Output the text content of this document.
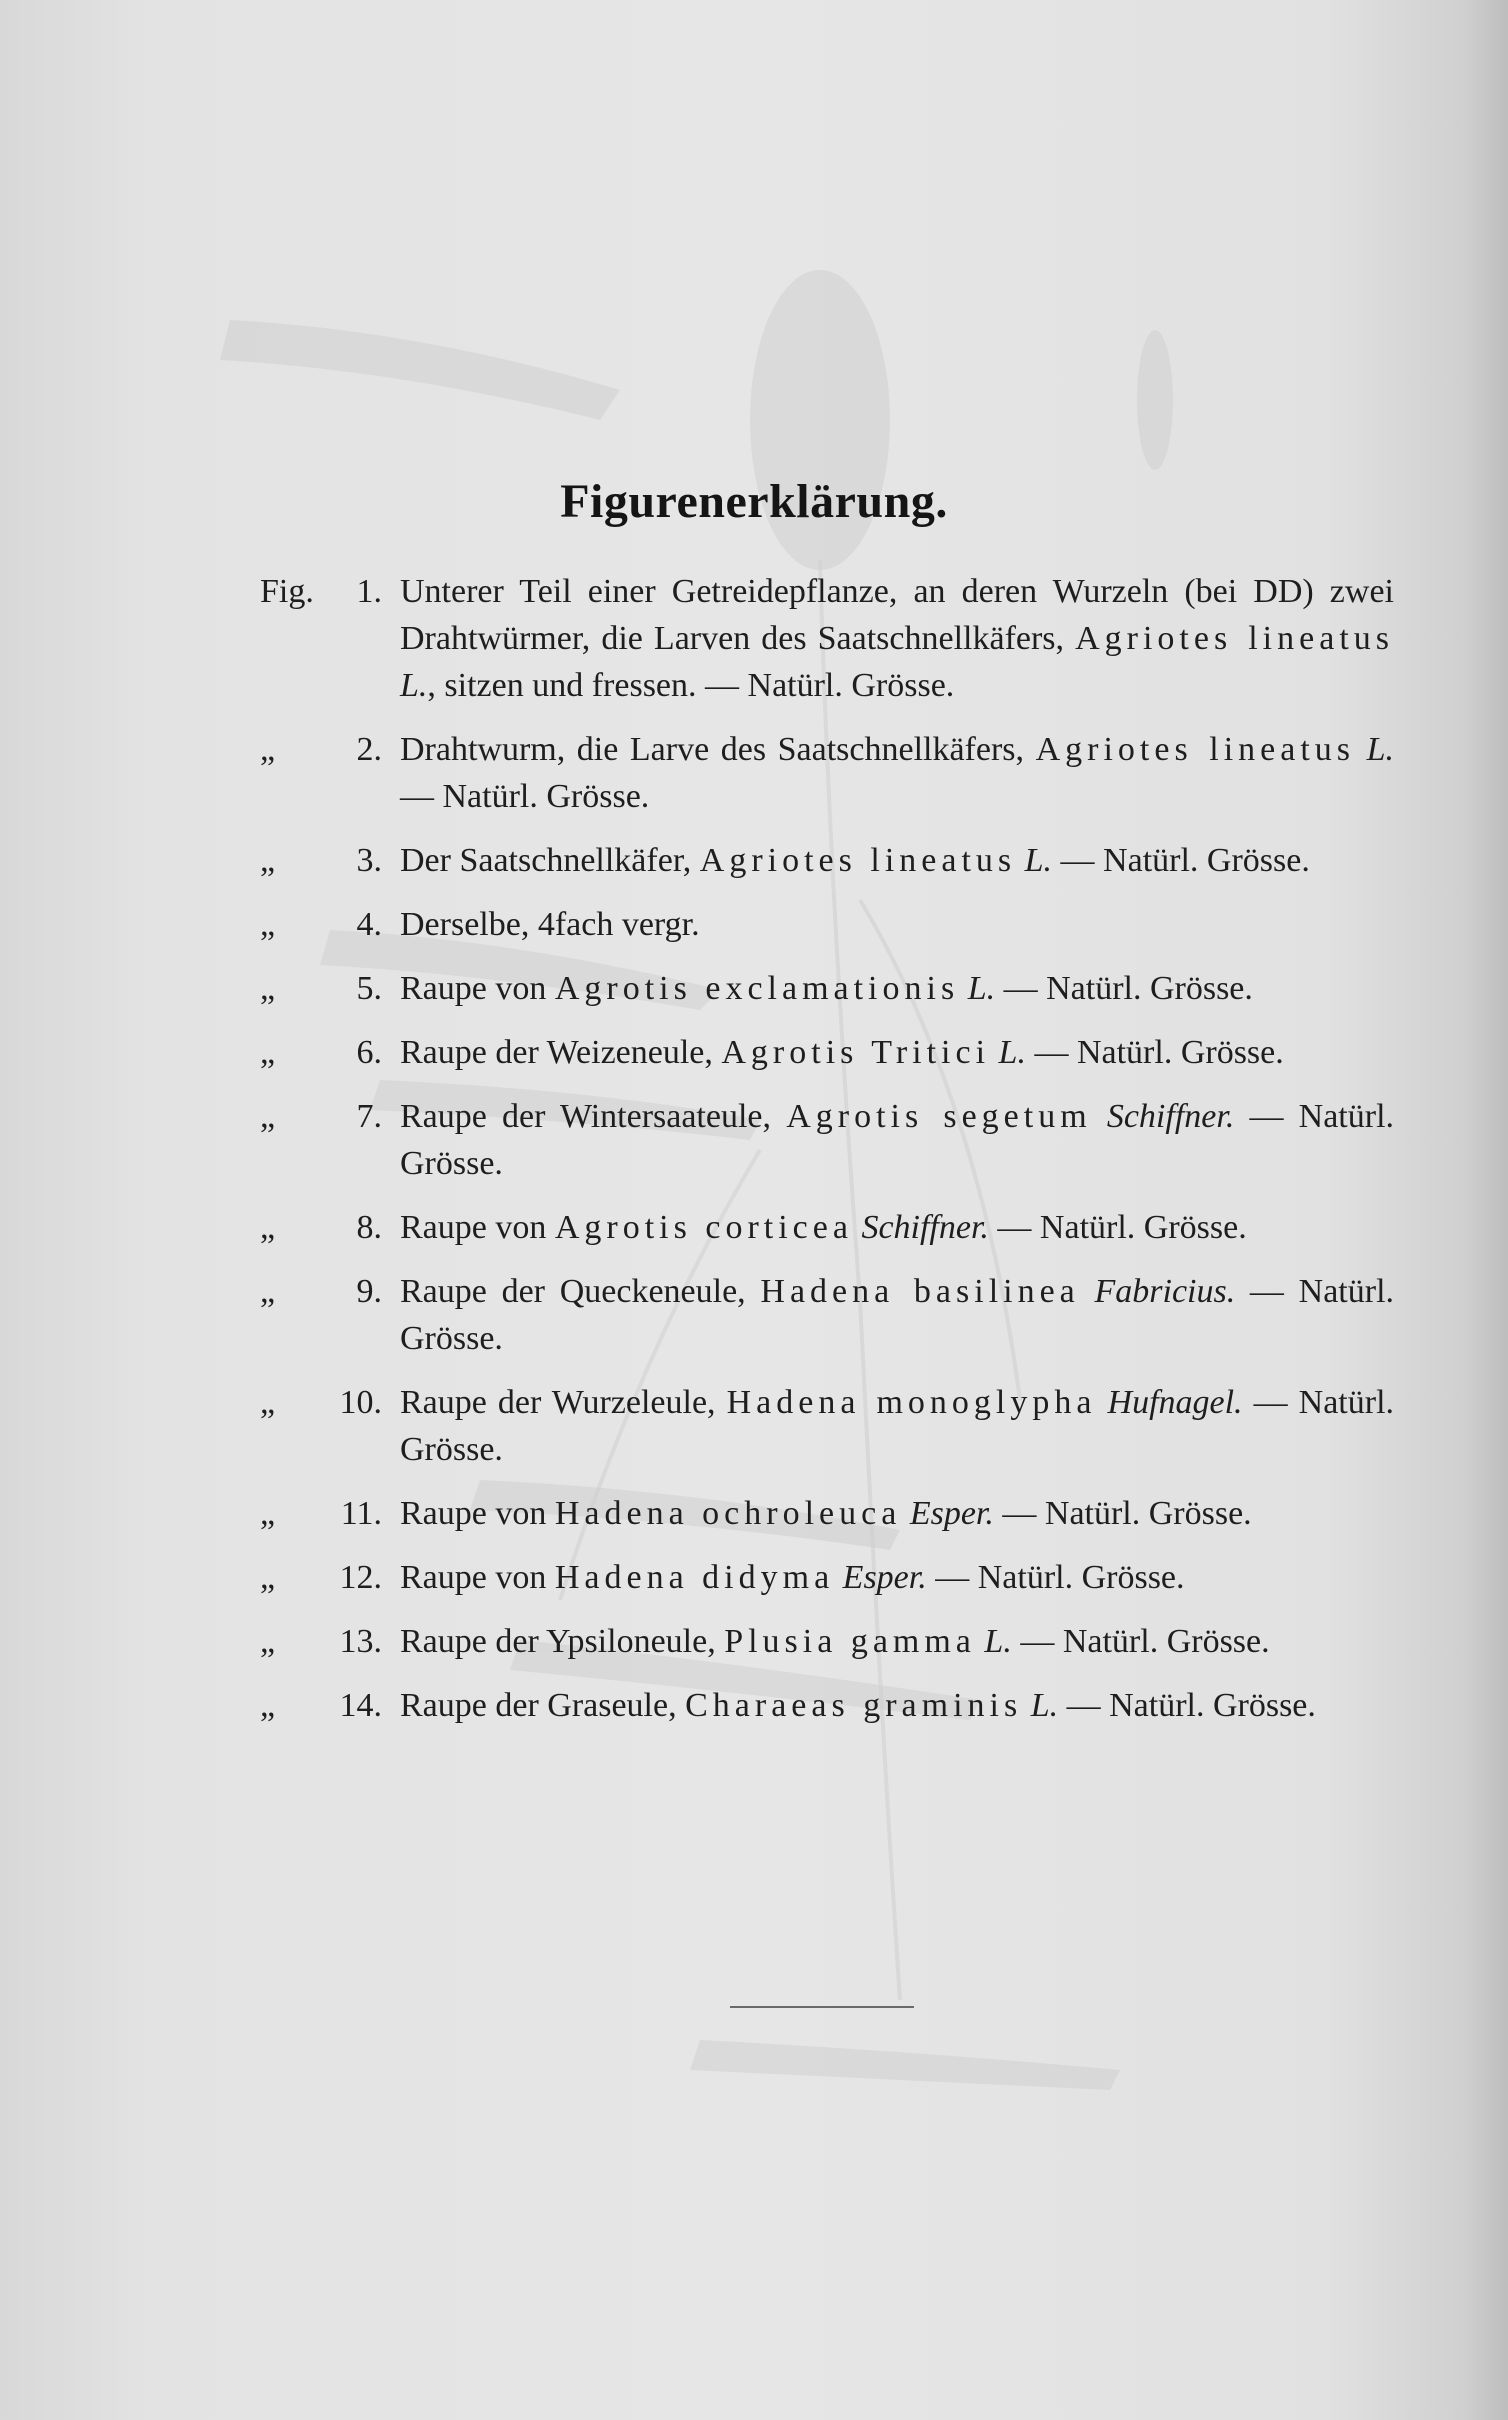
Figurenerklärung.
Fig. 1. Unterer Teil einer Getreidepflanze, an deren Wurzeln (bei DD) zwei Drahtwürmer, die Larven des Saatschnellkäfers, Agriotes lineatus L., sitzen und fressen. — Natürl. Grösse.
„ 2. Drahtwurm, die Larve des Saatschnellkäfers, Agriotes lineatus L. — Natürl. Grösse.
„ 3. Der Saatschnellkäfer, Agriotes lineatus L. — Natürl. Grösse.
„ 4. Derselbe, 4fach vergr.
„ 5. Raupe von Agrotis exclamationis L. — Natürl. Grösse.
„ 6. Raupe der Weizeneule, Agrotis Tritici L. — Natürl. Grösse.
„ 7. Raupe der Wintersaateule, Agrotis segetum Schiffner. — Natürl. Grösse.
„ 8. Raupe von Agrotis corticea Schiffner. — Natürl. Grösse.
„ 9. Raupe der Queckeneule, Hadena basilinea Fabricius. — Natürl. Grösse.
„ 10. Raupe der Wurzeleule, Hadena monoglypha Hufnagel. — Natürl. Grösse.
„ 11. Raupe von Hadena ochroleuca Esper. — Natürl. Grösse.
„ 12. Raupe von Hadena didyma Esper. — Natürl. Grösse.
„ 13. Raupe der Ypsiloneule, Plusia gamma L. — Natürl. Grösse.
„ 14. Raupe der Graseule, Charaeas graminis L. — Natürl. Grösse.
